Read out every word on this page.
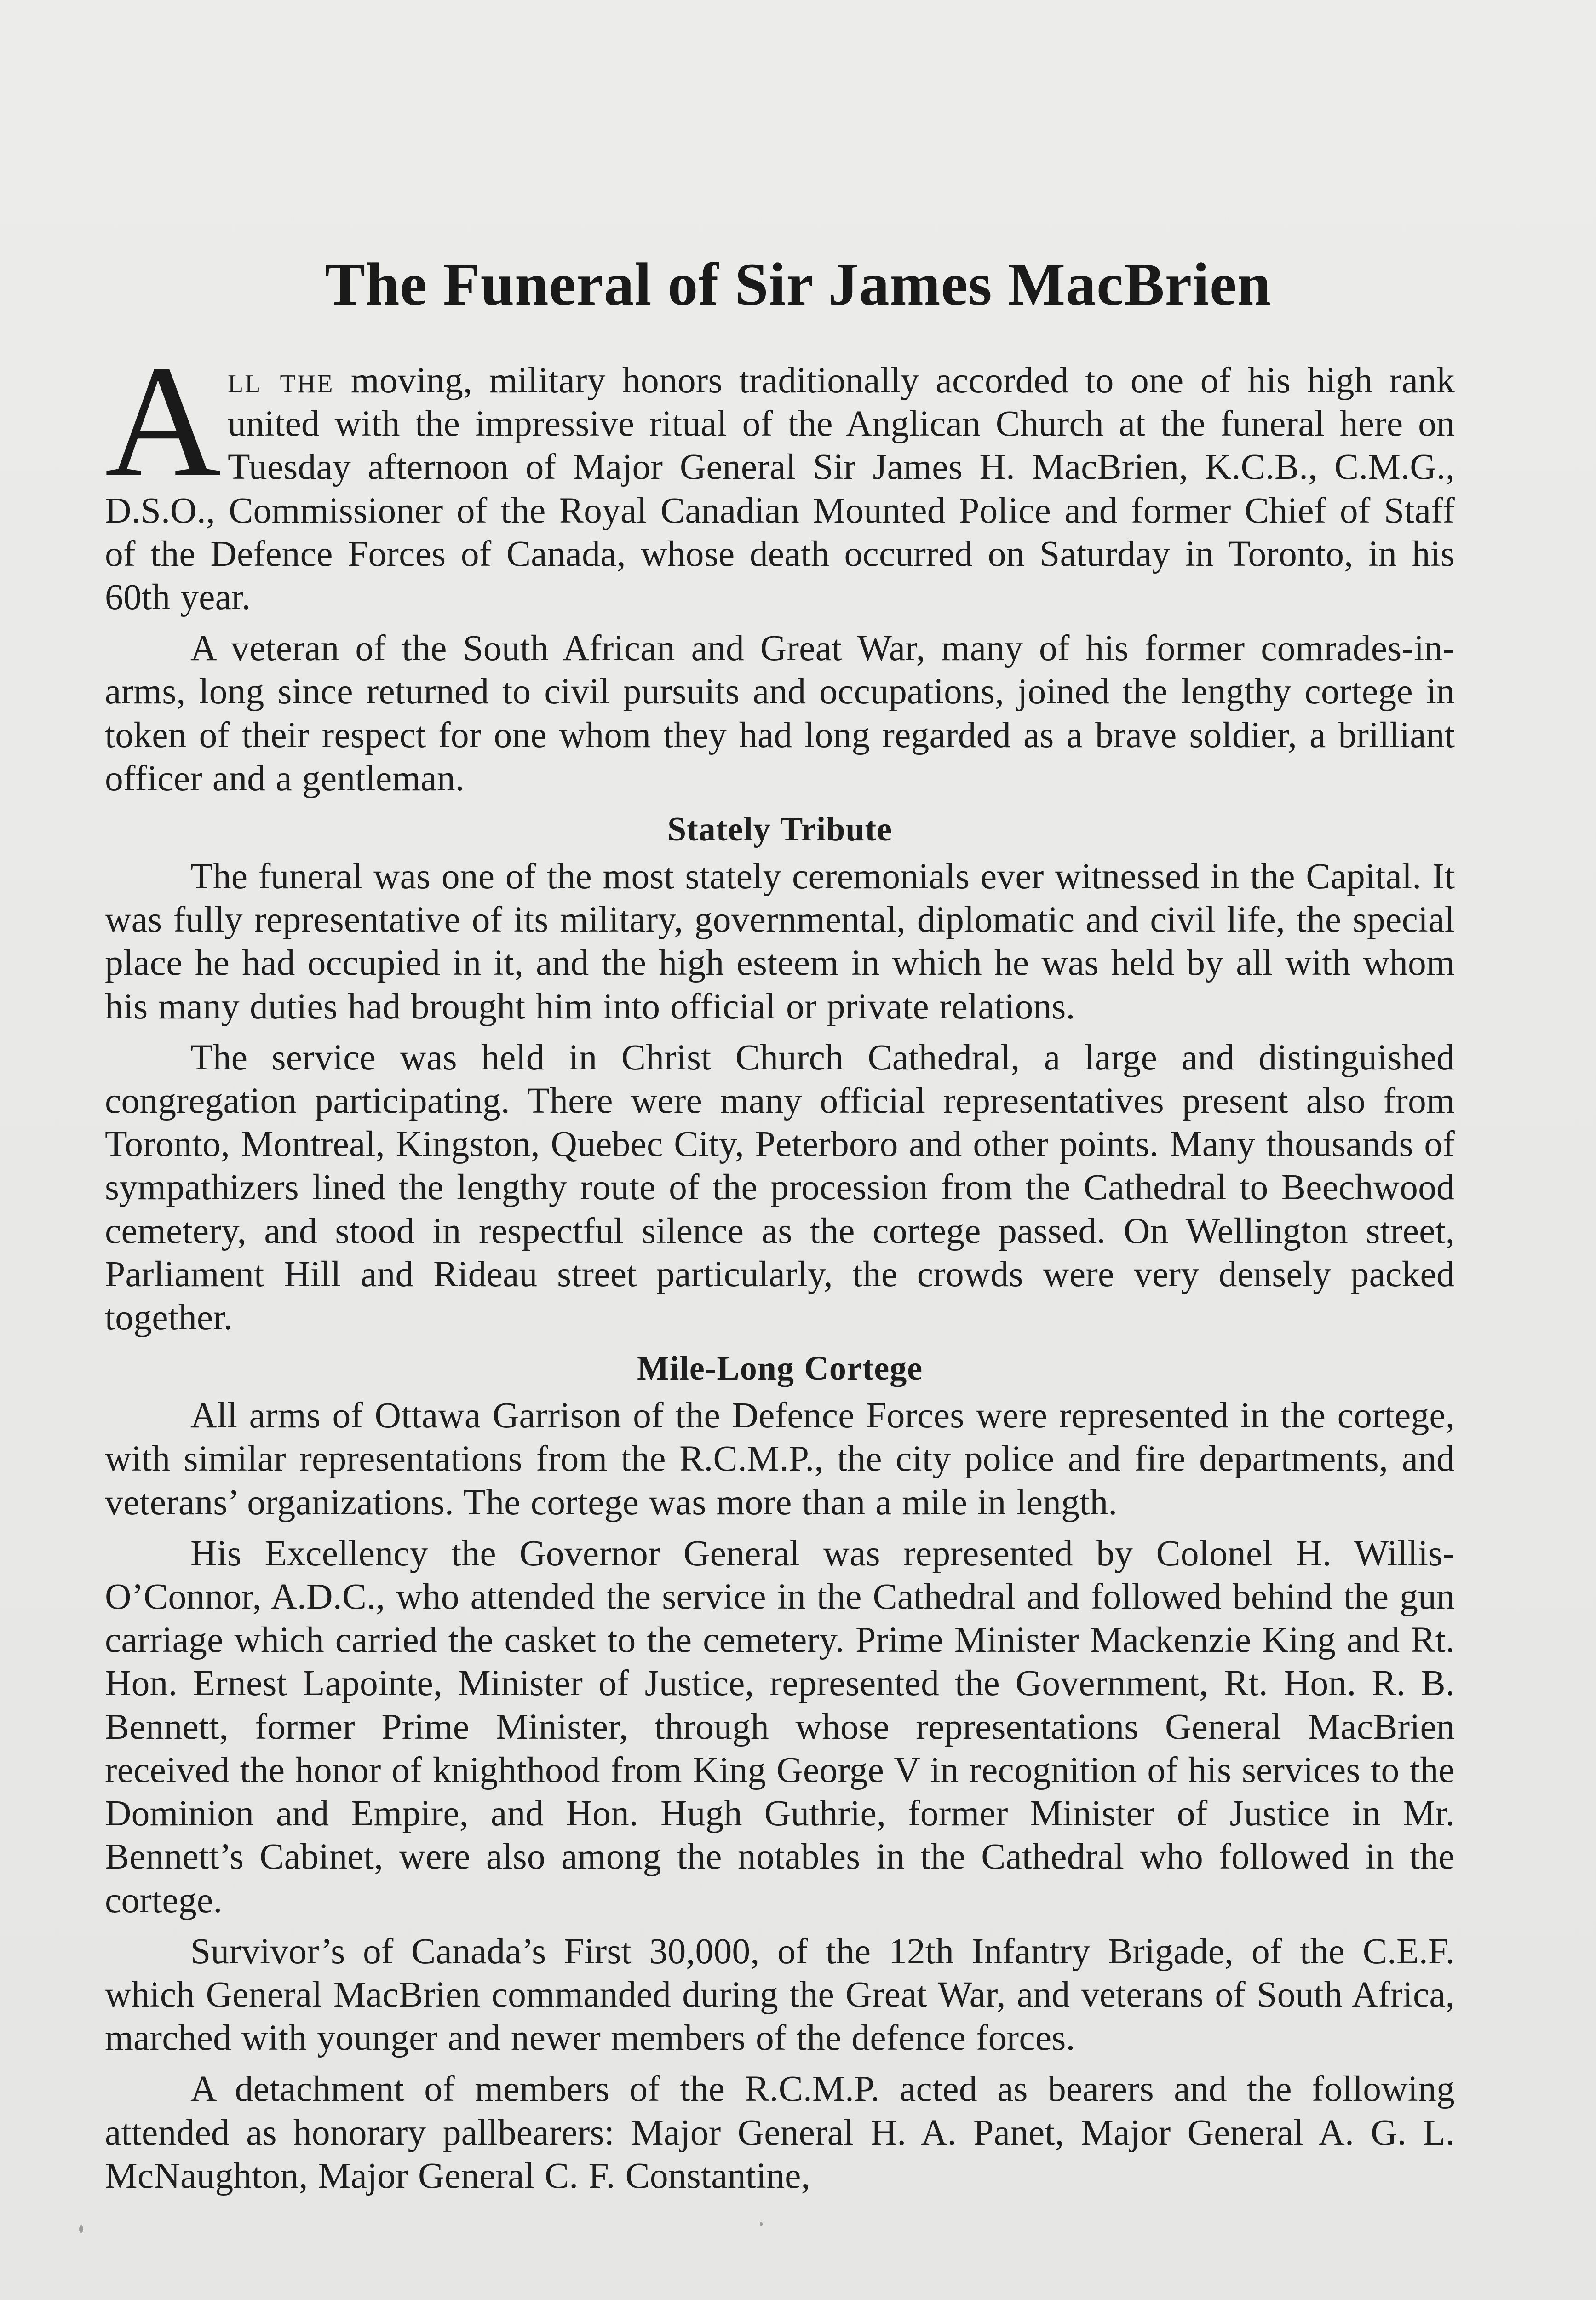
The Funeral of Sir James MacBrien

All the moving, military honors traditionally accorded to one of his high rank united with the impressive ritual of the Anglican Church at the funeral here on Tuesday afternoon of Major General Sir James H. MacBrien, K.C.B., C.M.G., D.S.O., Commissioner of the Royal Canadian Mounted Police and former Chief of Staff of the Defence Forces of Canada, whose death occurred on Saturday in Toronto, in his 60th year.

A veteran of the South African and Great War, many of his former comrades-in-arms, long since returned to civil pursuits and occupations, joined the lengthy cortege in token of their respect for one whom they had long regarded as a brave soldier, a brilliant officer and a gentleman.

Stately Tribute

The funeral was one of the most stately ceremonials ever witnessed in the Capital. It was fully representative of its military, governmental, diplomatic and civil life, the special place he had occupied in it, and the high esteem in which he was held by all with whom his many duties had brought him into official or private relations.

The service was held in Christ Church Cathedral, a large and distinguished congregation participating. There were many official representatives present also from Toronto, Montreal, Kingston, Quebec City, Peterboro and other points. Many thousands of sympathizers lined the lengthy route of the procession from the Cathedral to Beechwood cemetery, and stood in respectful silence as the cortege passed. On Wellington street, Parliament Hill and Rideau street particularly, the crowds were very densely packed together.

Mile-Long Cortege

All arms of Ottawa Garrison of the Defence Forces were represented in the cortege, with similar representations from the R.C.M.P., the city police and fire departments, and veterans’ organizations. The cortege was more than a mile in length.

His Excellency the Governor General was represented by Colonel H. Willis-O’Connor, A.D.C., who attended the service in the Cathedral and followed behind the gun carriage which carried the casket to the cemetery. Prime Minister Mackenzie King and Rt. Hon. Ernest Lapointe, Minister of Justice, represented the Government, Rt. Hon. R. B. Bennett, former Prime Minister, through whose representations General MacBrien received the honor of knighthood from King George V in recognition of his services to the Dominion and Empire, and Hon. Hugh Guthrie, former Minister of Justice in Mr. Bennett’s Cabinet, were also among the notables in the Cathedral who followed in the cortege.

Survivor’s of Canada’s First 30,000, of the 12th Infantry Brigade, of the C.E.F. which General MacBrien commanded during the Great War, and veterans of South Africa, marched with younger and newer members of the defence forces.

A detachment of members of the R.C.M.P. acted as bearers and the following attended as honorary pallbearers: Major General H. A. Panet, Major General A. G. L. McNaughton, Major General C. F. Constantine,
